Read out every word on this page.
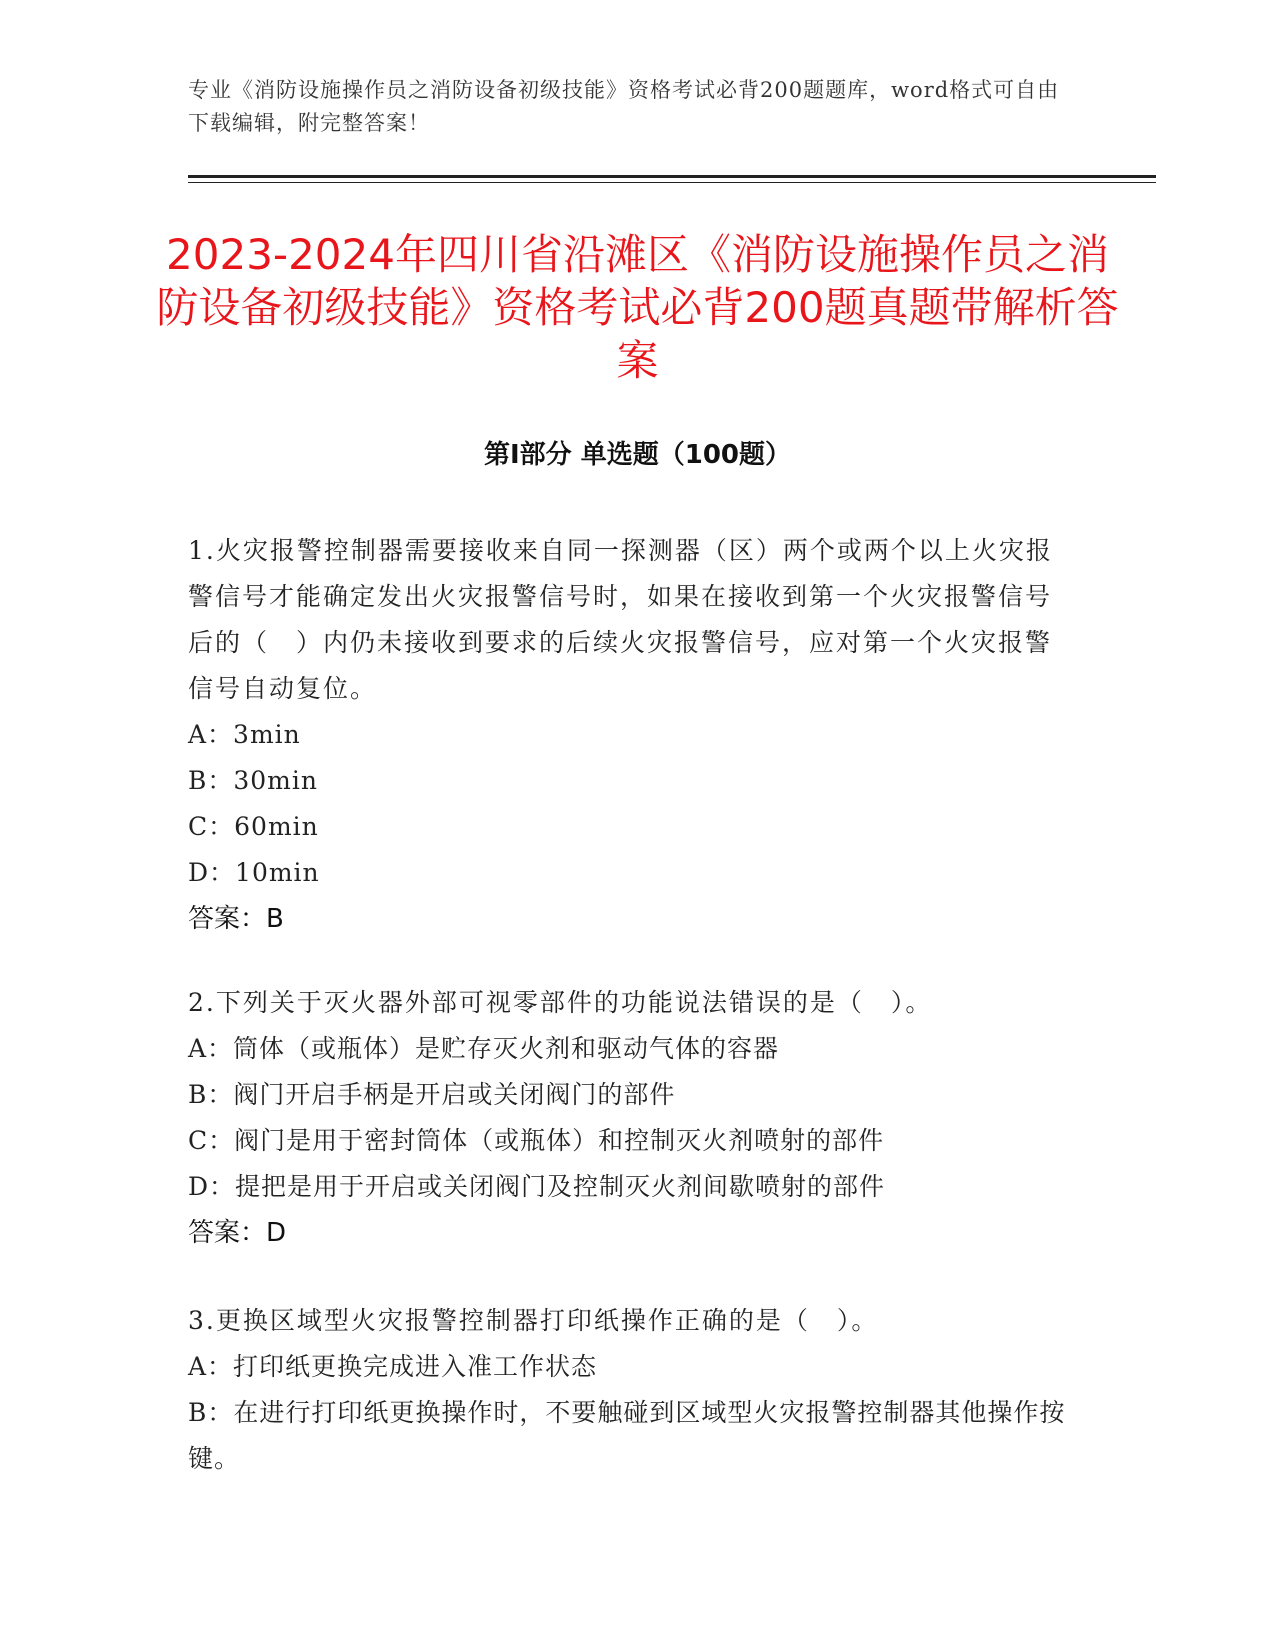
专业《消防设施操作员之消防设备初级技能》资格考试必背200题题库，word格式可自由下载编辑，附完整答案！
2023-2024年四川省沿滩区《消防设施操作员之消防设备初级技能》资格考试必背200题真题带解析答案
第Ⅰ部分 单选题（100题）

1.火灾报警控制器需要接收来自同一探测器（区）两个或两个以上火灾报警信号才能确定发出火灾报警信号时，如果在接收到第一个火灾报警信号后的（　）内仍未接收到要求的后续火灾报警信号，应对第一个火灾报警信号自动复位。

A：3min

B：30min

C：60min

D：10min

答案：B

2.下列关于灭火器外部可视零部件的功能说法错误的是（　）。

A：筒体（或瓶体）是贮存灭火剂和驱动气体的容器

B：阀门开启手柄是开启或关闭阀门的部件

C：阀门是用于密封筒体（或瓶体）和控制灭火剂喷射的部件

D：提把是用于开启或关闭阀门及控制灭火剂间歇喷射的部件

答案：D

3.更换区域型火灾报警控制器打印纸操作正确的是（　）。

A：打印纸更换完成进入准工作状态

B：在进行打印纸更换操作时，不要触碰到区域型火灾报警控制器其他操作按键。
